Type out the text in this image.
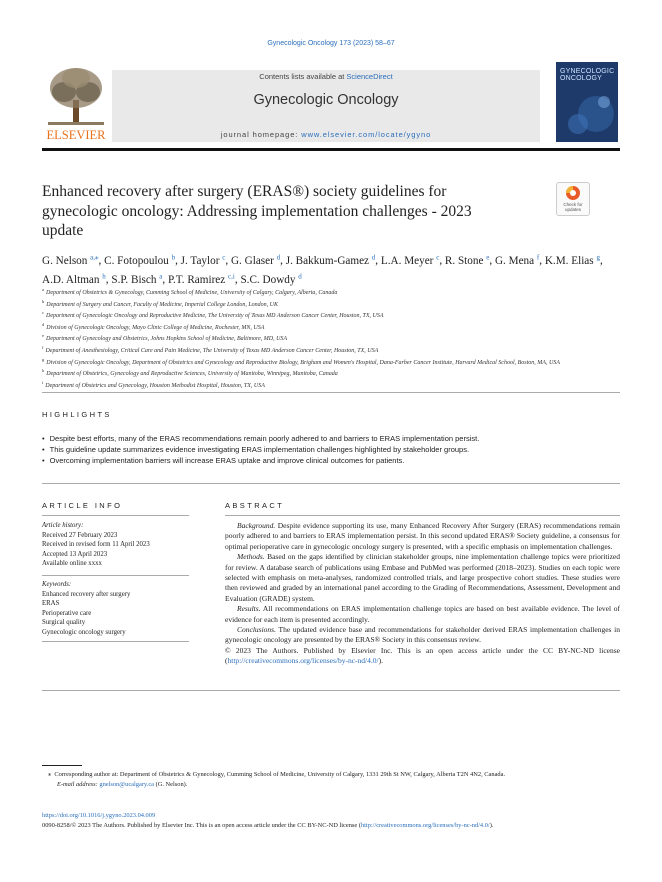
Gynecologic Oncology 173 (2023) 58–67
ELSEVIER
Contents lists available at ScienceDirect
Gynecologic Oncology
journal homepage: www.elsevier.com/locate/ygyno
GYNECOLOGIC ONCOLOGY
Enhanced recovery after surgery (ERAS®) society guidelines for gynecologic oncology: Addressing implementation challenges - 2023 update
Check for updates
G. Nelson $^{a,⁎}$, C. Fotopoulou $^b$, J. Taylor $^c$, G. Glaser $^d$, J. Bakkum-Gamez $^d$, L.A. Meyer $^c$, R. Stone $^e$, G. Mena $^f$, K.M. Elias $^g$, A.D. Altman $^h$, S.P. Bisch $^a$, P.T. Ramirez $^{c,i}$, S.C. Dowdy $^d$
$^a$Department of Obstetrics & Gynecology, Cumming School of Medicine, University of Calgary, Calgary, Alberta, Canada
$^b$Department of Surgery and Cancer, Faculty of Medicine, Imperial College London, London, UK
$^c$Department of Gynecologic Oncology and Reproductive Medicine, The University of Texas MD Anderson Cancer Center, Houston, TX, USA
$^d$Division of Gynecologic Oncology, Mayo Clinic College of Medicine, Rochester, MN, USA
$^e$Department of Gynecology and Obstetrics, Johns Hopkins School of Medicine, Baltimore, MD, USA
$^f$Department of Anesthesiology, Critical Care and Pain Medicine, The University of Texas MD Anderson Cancer Center, Houston, TX, USA
$^g$Division of Gynecologic Oncology, Department of Obstetrics and Gynecology and Reproductive Biology, Brigham and Women's Hospital, Dana-Farber Cancer Institute, Harvard Medical School, Boston, MA, USA
$^h$Department of Obstetrics, Gynecology and Reproductive Sciences, University of Manitoba, Winnipeg, Manitoba, Canada
$^i$Department of Obstetrics and Gynecology, Houston Methodist Hospital, Houston, TX, USA
HIGHLIGHTS
• Despite best efforts, many of the ERAS recommendations remain poorly adhered to and barriers to ERAS implementation persist.
• This guideline update summarizes evidence investigating ERAS implementation challenges highlighted by stakeholder groups.
• Overcoming implementation barriers will increase ERAS uptake and improve clinical outcomes for patients.
ARTICLE INFO
Article history:
Received 27 February 2023
Received in revised form 11 April 2023
Accepted 13 April 2023
Available online xxxx
Keywords:
Enhanced recovery after surgery
ERAS
Perioperative care
Surgical quality
Gynecologic oncology surgery
ABSTRACT

Background. Despite evidence supporting its use, many Enhanced Recovery After Surgery (ERAS) recommendations remain poorly adhered to and barriers to ERAS implementation persist. In this second updated ERAS® Society guideline, a consensus for optimal perioperative care in gynecologic oncology surgery is presented, with a specific emphasis on implementation challenges.

Methods. Based on the gaps identified by clinician stakeholder groups, nine implementation challenge topics were prioritized for review. A database search of publications using Embase and PubMed was performed (2018–2023). Studies on each topic were selected with emphasis on meta-analyses, randomized controlled trials, and large prospective cohort studies. These studies were then reviewed and graded by an international panel according to the Grading of Recommendations, Assessment, Development and Evaluation (GRADE) system.

Results. All recommendations on ERAS implementation challenge topics are based on best available evidence. The level of evidence for each item is presented accordingly.

Conclusions. The updated evidence base and recommendations for stakeholder derived ERAS implementation challenges in gynecologic oncology are presented by the ERAS® Society in this consensus review.

© 2023 The Authors. Published by Elsevier Inc. This is an open access article under the CC BY-NC-ND license (http://creativecommons.org/licenses/by-nc-nd/4.0/).

⁎ Corresponding author at: Department of Obstetrics & Gynecology, Cumming School of Medicine, University of Calgary, 1331 29th St NW, Calgary, Alberta T2N 4N2, Canada.
E-mail address: gnelson@ucalgary.ca (G. Nelson).
https://doi.org/10.1016/j.ygyno.2023.04.009
0090-8258/© 2023 The Authors. Published by Elsevier Inc. This is an open access article under the CC BY-NC-ND license (http://creativecommons.org/licenses/by-nc-nd/4.0/).
